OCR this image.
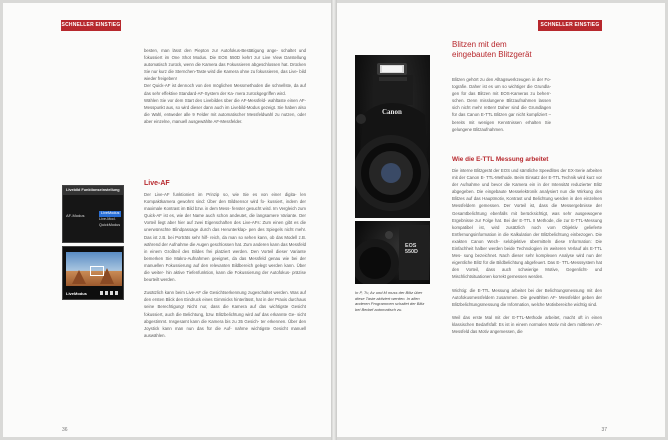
SCHNELLER EINSTIEG

besten, man lässt den Piepton zur Autofokus-Bestätigung ange- schaltet und fokussiert im One Shot Modus. Die EOS 550D kehrt zur Live View Darstellung automatisch zurück, wenn die Kamera das Fokussieren abgeschlossen hat. Drücken Sie nur kurz die Sternchen-Taste wird die Kamera ohne zu fokussieren, das Live- bild wieder freigeben!

Der Quick-AF ist dennoch von den möglichen Messmethoden die schnellste, da auf das sehr effektive Standard-AF-System der Ka- mera zurückgegriffen wird.

Wählen Sie vor dem Start des Livebildes über die AF-Messfeld- wahltaste einen AF-Messpunkt aus, so wird dieser dann auch im Livebild-Modus gezeigt. Sie haben also die Wahl, entweder alle 9 Felder mit automatischer Messfeldwahl zu nutzen, oder aber einzelne, manuell ausgewählte AF-Messfelder.

Live-AF

Der Live-AF funktioniert im Prinzip so, wie Sie es von einer digita- len Kompaktkamera gewohnt sind: Über den Bildsensor wird fo- kussiert, indem der maximale Kontrast im Bild bzw. in dem Mess- fenster gesucht wird. Im Vergleich zum Quick-AF ist es, wie der Name auch schon andeutet, die langsamere Variante. Der Vorteil liegt aber hier auf zwei Eigenschaften des Live-AFs: Zum einen gibt es die unerwünschte Blindpassage durch das Herunterklap- pen des Spiegels nicht mehr. Das ist z.B. bei Porträts sehr hilf- reich, da man so sehen kann, ob das Modell z.B. während der Aufnahme die Augen geschlossen hat. Zum anderen kann das Messfeld in einem Großteil des Bildes frei platziert werden. Den Vorteil dieser Variante bemerken Sie Makro-Aufnahmen geeignet, da das Messfeld genau wie bei der manuellen Fokussierung auf den relevanten Bildbereich gelegt werden kann. Über die weiter- hin aktive Tiefenfunktion, kann die Fokussierung der Autofokus- präzise beurteilt werden.

Zusätzlich kann beim Live-AF die Gesichtserkennung zugeschaltet werden. Was auf den ersten Blick den Eindruck eines Gimmicks hinterlässt, hat in der Praxis durchaus seine Berechtigung! Nicht nur, dass die Kamera auf das wichtigste Gesicht fokussiert, auch die Belichtung, bzw. Blitzbelichtung wird auf das erkannte Ge- sicht abgestimmt. Insgesamt kann die Kamera bis zu 35 Gesich- ter erkennen. Über den Joystick kann man nun das für die Auf- nahme wichtigste Gesicht manuell auswählen.

Livebild Funktionseinstellung
AF-Modus	LiveModus
Live-Mod.
QuickModus
LiveModus
36
SCHNELLER EINSTIEG
Canon
EOS 550D
In P, Tv, Av und M muss der Blitz über diese Taste aktiviert werden. In allen anderen Programmen schaltet der Blitz bei Bedarf automatisch zu.
Blitzen mit dem eingebauten Blitzgerät
Blitzen gehört zu den Alltagswerkzeugen in der Fo- tografie. Daher ist es um so wichtiger die Grundla- gen für das Blitzen mit EOS-Kameras zu beherr- schen. Denn misslungene Blitzaufnahmen lassen sich nicht mehr retten! Daher sind die Grundlagen für das Canon E-TTL Blitzen gar nicht kompliziert – bereits mit wenigen Kenntnissen erhalten Sie gelungene Blitzaufnahmen.
Wie die E-TTL Messung arbeitet

Die interne Blitzgerät der EOS und sämtliche Speedlites der EX-Serie arbeiten mit der Canon E- TTL-Methode. Beim Einsatz der E-TTL Technik wird kurz vor der Aufnahme und bevor die Kamera ein in der Intensität reduzierter Blitz abgegeben. Die eingebaute Messelektronik analysiert nun die Wirkung des Blitzes auf das Hauptmotiv, Kontrast und Belichtung werden in den einzelnen Messfeldern gemessen. Der Vorteil ist, dass die Messergebnisse der Gesamtbelichtung ebenfalls mit berücksichtigt, was sehr ausgewogene Ergebnisse zur Folge hat. Bei der E-TTL II Methode, die zur E-TTL-Messung kompatibel ist, wird zusätzlich noch vom Objektiv gelieferte Entfernungsinformation in die Kalkulation der Blitzbelichtung einbezogen. Die exakten Canon Wech- selobjektive übermitteln diese Information: Die Einfachheit halber werden beide Technologien im weiteren Verlauf als E-TTL Mes- sung bezeichnet. Nach dieser sehr komplexen Analyse wird nun der eigentliche Blitz für die Bildbelichtung abgefeuert. Das E- TTL-Messsystem hat den Vorteil, dass auch schwierige Motive, Gegenlicht- und Mischlichtsituationen korrekt gemessen werden.

Wichtig: die E-TTL Messung arbeitet bei der Belichtungsmessung mit den Autofokusmessfeldern zusammen. Die gewählten AF- Messfelder geben der Blitzbelichtungsmessung die Information, welche Motivbereiche wichtig sind.

Weil das erste Mal mit der E-TTL-Methode arbeitet, macht oft in einen klassischen Bedarfsfall: Es ist in einem normalen Motiv mit dem mittleren AF-Messfeld das Motiv angemessen, die

37
